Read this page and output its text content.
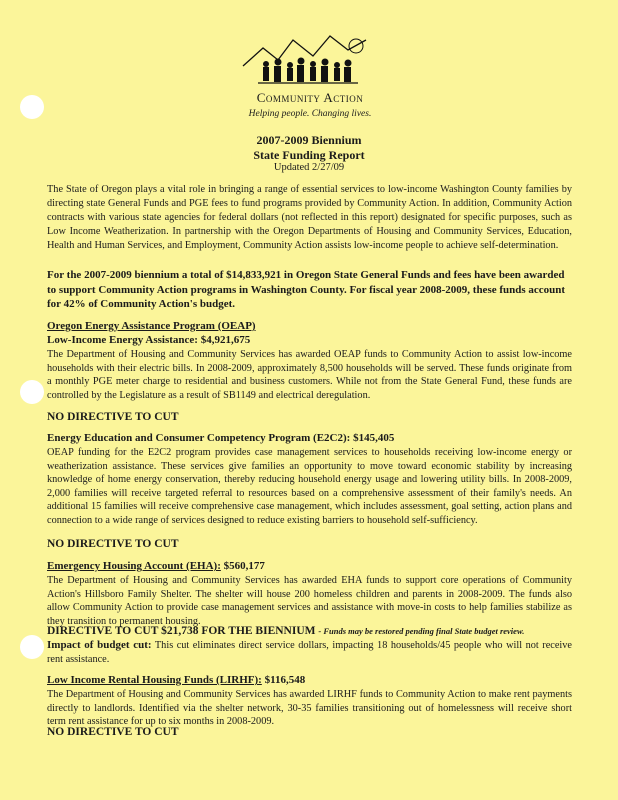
Community Action
Helping people. Changing lives.
2007-2009 Biennium
State Funding Report
Updated 2/27/09
The State of Oregon plays a vital role in bringing a range of essential services to low-income Washington County families by directing state General Funds and PGE fees to fund programs provided by Community Action. In addition, Community Action contracts with various state agencies for federal dollars (not reflected in this report) designated for specific purposes, such as Low Income Weatherization. In partnership with the Oregon Departments of Housing and Community Services, Education, Health and Human Services, and Employment, Community Action assists low-income people to achieve self-determination.
For the 2007-2009 biennium a total of $14,833,921 in Oregon State General Funds and fees have been awarded to support Community Action programs in Washington County. For fiscal year 2008-2009, these funds account for 42% of Community Action's budget.
Oregon Energy Assistance Program (OEAP)
Low-Income Energy Assistance: $4,921,675
The Department of Housing and Community Services has awarded OEAP funds to Community Action to assist low-income households with their electric bills. In 2008-2009, approximately 8,500 households will be served. These funds originate from a monthly PGE meter charge to residential and business customers. While not from the State General Fund, these funds are controlled by the Legislature as a result of SB1149 and electrical deregulation.
NO DIRECTIVE TO CUT
Energy Education and Consumer Competency Program (E2C2): $145,405
OEAP funding for the E2C2 program provides case management services to households receiving low-income energy or weatherization assistance. These services give families an opportunity to move toward economic stability by increasing knowledge of home energy conservation, thereby reducing household energy usage and lowering utility bills. In 2008-2009, 2,000 families will receive targeted referral to resources based on a comprehensive assessment of their family's needs. An additional 15 families will receive comprehensive case management, which includes assessment, goal setting, action plans and connection to a wide range of services designed to reduce existing barriers to household self-sufficiency.
NO DIRECTIVE TO CUT
Emergency Housing Account (EHA): $560,177
The Department of Housing and Community Services has awarded EHA funds to support core operations of Community Action's Hillsboro Family Shelter. The shelter will house 200 homeless children and parents in 2008-2009. The funds also allow Community Action to provide case management services and assistance with move-in costs to help families stabilize as they transition to permanent housing.
DIRECTIVE TO CUT $21,738 FOR THE BIENNIUM - Funds may be restored pending final State budget review.
Impact of budget cut: This cut eliminates direct service dollars, impacting 18 households/45 people who will not receive rent assistance.
Low Income Rental Housing Funds (LIRHF): $116,548
The Department of Housing and Community Services has awarded LIRHF funds to Community Action to make rent payments directly to landlords. Identified via the shelter network, 30-35 families transitioning out of homelessness will receive short term rent assistance for up to six months in 2008-2009.
NO DIRECTIVE TO CUT
